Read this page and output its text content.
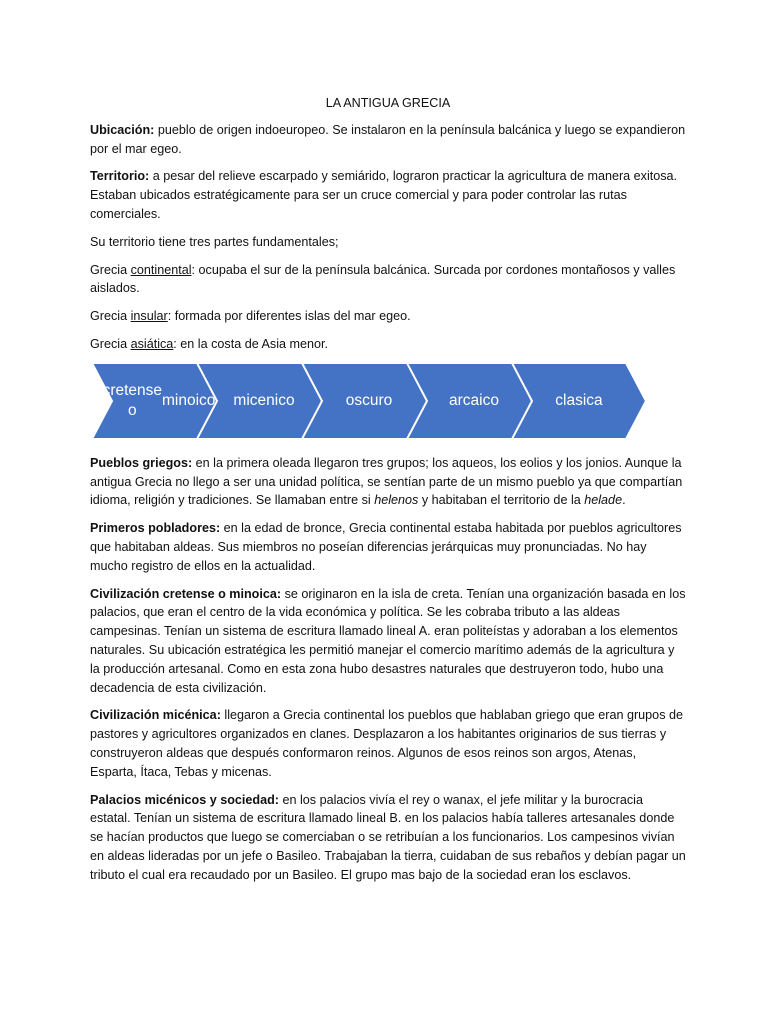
LA ANTIGUA GRECIA

Ubicación: pueblo de origen indoeuropeo. Se instalaron en la península balcánica y luego se expandieron por el mar egeo.

Territorio: a pesar del relieve escarpado y semiárido, lograron practicar la agricultura de manera exitosa. Estaban ubicados estratégicamente para ser un cruce comercial y para poder controlar las rutas comerciales.

Su territorio tiene tres partes fundamentales;

Grecia continental: ocupaba el sur de la península balcánica. Surcada por cordones montañosos y valles aislados.

Grecia insular: formada por diferentes islas del mar egeo.

Grecia asiática: en la costa de Asia menor.

cretense o

minoico micenico	oscuro	arcaico	clasica

Pueblos griegos: en la primera oleada llegaron tres grupos; los aqueos, los eolios y los jonios. Aunque la antigua Grecia no llego a ser una unidad política, se sentían parte de un mismo pueblo ya que compartían idioma, religión y tradiciones. Se llamaban entre si helenos y habitaban el territorio de la helade.

Primeros pobladores: en la edad de bronce, Grecia continental estaba habitada por pueblos agricultores que habitaban aldeas. Sus miembros no poseían diferencias jerárquicas muy pronunciadas. No hay mucho registro de ellos en la actualidad.

Civilización cretense o minoica: se originaron en la isla de creta. Tenían una organización basada en los palacios, que eran el centro de la vida económica y política. Se les cobraba tributo a las aldeas campesinas. Tenían un sistema de escritura llamado lineal A. eran politeístas y adoraban a los elementos naturales. Su ubicación estratégica les permitió manejar el comercio marítimo además de la agricultura y la producción artesanal. Como en esta zona hubo desastres naturales que destruyeron todo, hubo una decadencia de esta civilización.

Civilización micénica: llegaron a Grecia continental los pueblos que hablaban griego que eran grupos de pastores y agricultores organizados en clanes. Desplazaron a los habitantes originarios de sus tierras y construyeron aldeas que después conformaron reinos. Algunos de esos reinos son argos, Atenas, Esparta, Ítaca, Tebas y micenas.

Palacios micénicos y sociedad: en los palacios vivía el rey o wanax, el jefe militar y la burocracia estatal. Tenían un sistema de escritura llamado lineal B. en los palacios había talleres artesanales donde se hacían productos que luego se comerciaban o se retribuían a los funcionarios. Los campesinos vivían en aldeas lideradas por un jefe o Basileo. Trabajaban la tierra, cuidaban de sus rebaños y debían pagar un tributo el cual era recaudado por un Basileo. El grupo mas bajo de la sociedad eran los esclavos.
